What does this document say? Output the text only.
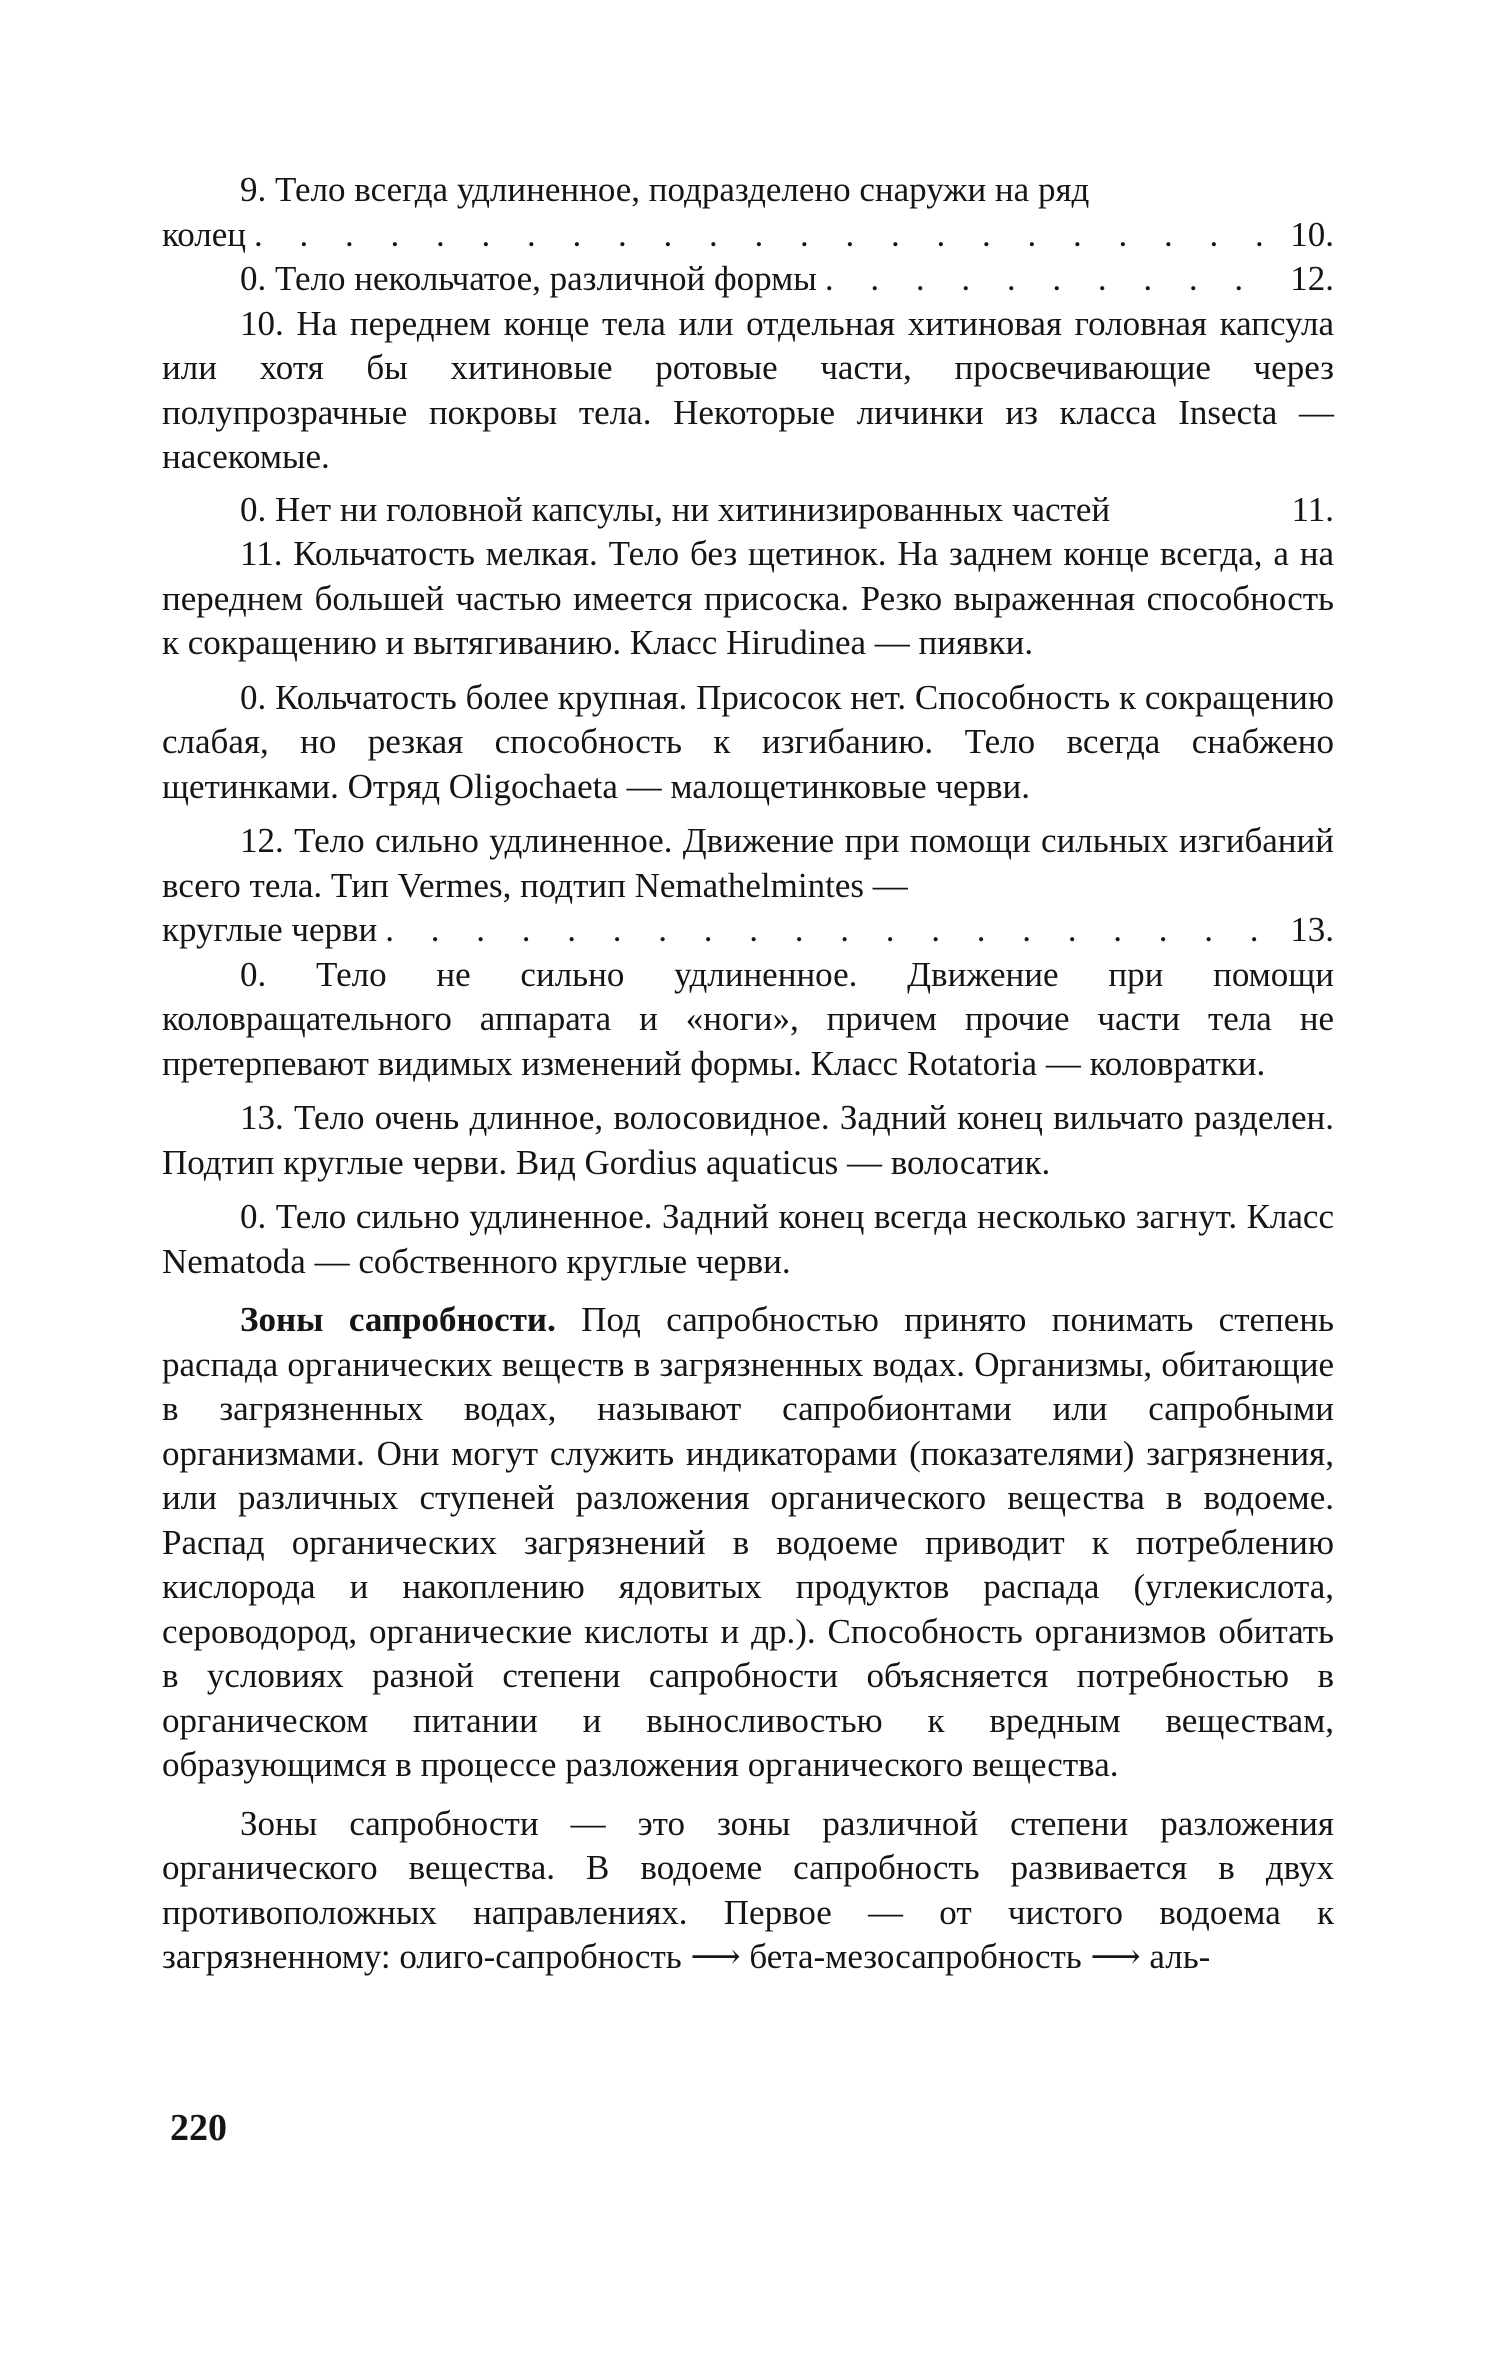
9. Тело всегда удлиненное, подразделено снаружи на ряд

колец . . .	10.
0. Тело некольчатое, различной формы . . .	12.

10. На переднем конце тела или отдельная хитиновая головная капсула или хотя бы хитиновые ротовые части, просвечивающие через полупрозрачные покровы тела. Некоторые личинки из класса Insecta — насекомые.

0. Нет ни головной капсулы, ни хитинизированных частей	11.

11. Кольчатость мелкая. Тело без щетинок. На заднем конце всегда, а на переднем большей частью имеется присоска. Резко выраженная способность к сокращению и вытягиванию. Класс Hirudinea — пиявки.

0. Кольчатость более крупная. Присосок нет. Способность к сокращению слабая, но резкая способность к изгибанию. Тело всегда снабжено щетинками. Отряд Oligochaeta — малощетинковые черви.

12. Тело сильно удлиненное. Движение при помощи сильных изгибаний всего тела. Тип Vermes, подтип Nemathelmintes —

круглые черви . . .	13.

0. Тело не сильно удлиненное. Движение при помощи коловращательного аппарата и «ноги», причем прочие части тела не претерпевают видимых изменений формы. Класс Rotatoria — коловратки.

13. Тело очень длинное, волосовидное. Задний конец вильчато разделен. Подтип круглые черви. Вид Gordius aquaticus — волосатик.

0. Тело сильно удлиненное. Задний конец всегда несколько загнут. Класс Nematoda — собственного круглые черви.

Зоны сапробности. Под сапробностью принято понимать степень распада органических веществ в загрязненных водах. Организмы, обитающие в загрязненных водах, называют сапробионтами или сапробными организмами. Они могут служить индикаторами (показателями) загрязнения, или различных ступеней разложения органического вещества в водоеме. Распад органических загрязнений в водоеме приводит к потреблению кислорода и накоплению ядовитых продуктов распада (углекислота, сероводород, органические кислоты и др.). Способность организмов обитать в условиях разной степени сапробности объясняется потребностью в органическом питании и выносливостью к вредным веществам, образующимся в процессе разложения органического вещества.

Зоны сапробности — это зоны различной степени разложения органического вещества. В водоеме сапробность развивается в двух противоположных направлениях. Первое — от чистого водоема к загрязненному: олиго-сапробность ⟶ бета-мезосапробность ⟶ аль-

220
